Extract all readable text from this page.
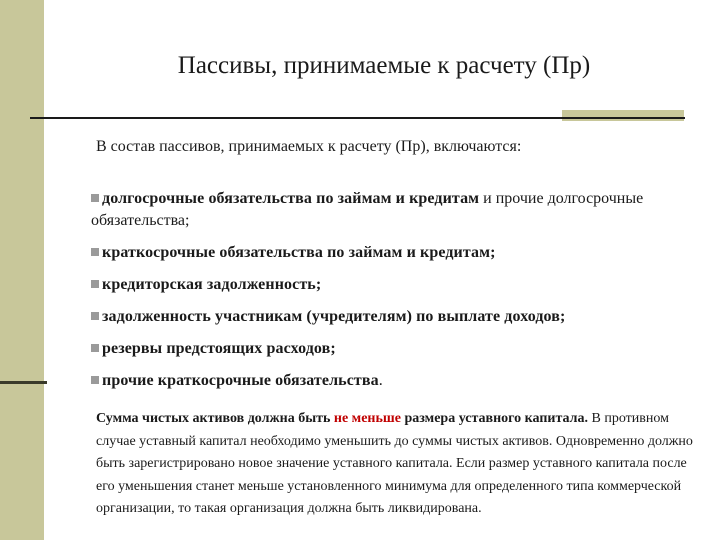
Пассивы, принимаемые к расчету (Пр)
В состав пассивов, принимаемых к расчету (Пр), включаются:
долгосрочные обязательства по займам и кредитам и прочие долгосрочные обязательства;
краткосрочные обязательства по займам и кредитам;
кредиторская задолженность;
задолженность участникам (учредителям) по выплате доходов;
резервы предстоящих расходов;
прочие краткосрочные обязательства.
Сумма чистых активов должна быть не меньше размера уставного капитала. В противном случае уставный капитал необходимо уменьшить до суммы чистых активов. Одновременно должно быть зарегистрировано новое значение уставного капитала. Если размер уставного капитала после его уменьшения станет меньше установленного минимума для определенного типа коммерческой организации, то такая организация должна быть ликвидирована.
